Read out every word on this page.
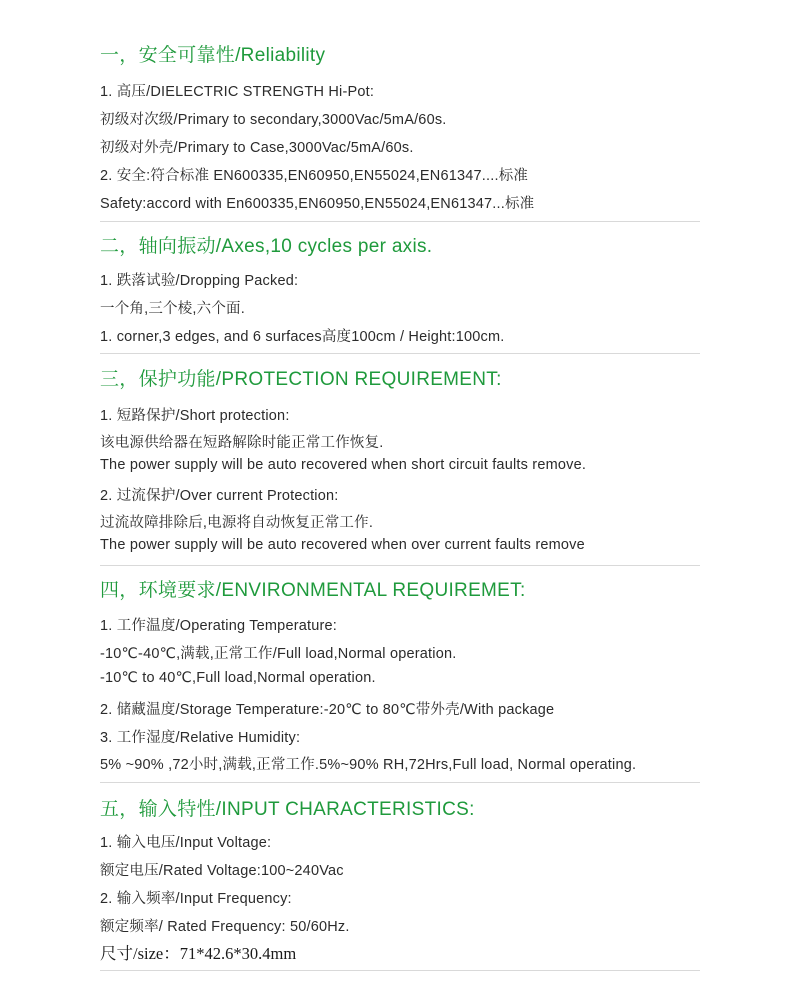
一，安全可靠性/Reliability
1. 高压/DIELECTRIC STRENGTH Hi-Pot:
初级对次级/Primary to secondary,3000Vac/5mA/60s.
初级对外壳/Primary to Case,3000Vac/5mA/60s.
2. 安全:符合标准 EN600335,EN60950,EN55024,EN61347....标准
Safety:accord with En600335,EN60950,EN55024,EN61347...标准
二，轴向振动/Axes,10 cycles per axis.
1. 跌落试验/Dropping Packed:
一个角,三个棱,六个面.
1. corner,3 edges, and 6 surfaces高度100cm / Height:100cm.
三，保护功能/PROTECTION REQUIREMENT:
1. 短路保护/Short protection:
该电源供给器在短路解除时能正常工作恢复.
The power supply will be auto recovered when short circuit faults remove.
2. 过流保护/Over current Protection:
过流故障排除后,电源将自动恢复正常工作.
The power supply will be auto recovered when over current faults remove
四，环境要求/ENVIRONMENTAL REQUIREMET:
1. 工作温度/Operating Temperature:
-10℃-40℃,满载,正常工作/Full load,Normal operation.
-10℃ to 40℃,Full load,Normal operation.
2. 储藏温度/Storage Temperature:-20℃ to 80℃带外壳/With package
3. 工作湿度/Relative Humidity:
5% ~90% ,72小时,满载,正常工作.5%~90% RH,72Hrs,Full load, Normal operating.
五，输入特性/INPUT CHARACTERISTICS:
1. 输入电压/Input Voltage:
额定电压/Rated Voltage:100~240Vac
2. 输入频率/Input Frequency:
额定频率/ Rated Frequency: 50/60Hz.
尺寸/size：71*42.6*30.4mm
